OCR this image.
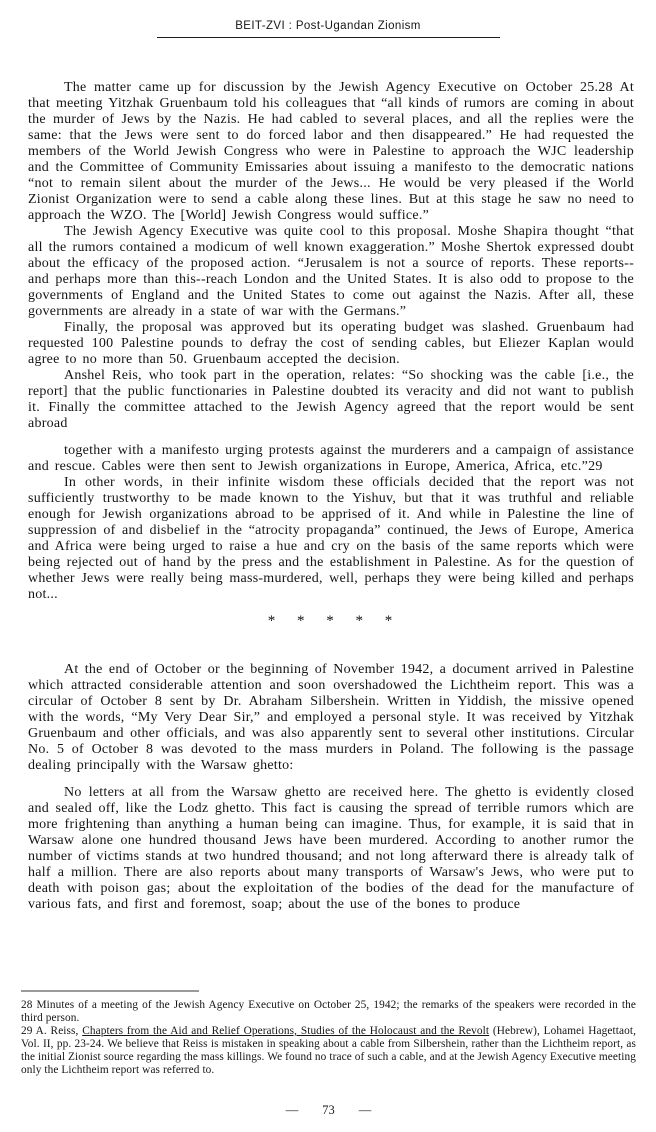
BEIT-ZVI : Post-Ugandan Zionism

The matter came up for discussion by the Jewish Agency Executive on October 25.28 At that meeting Yitzhak Gruenbaum told his colleagues that “all kinds of rumors are coming in about the murder of Jews by the Nazis. He had cabled to several places, and all the replies were the same: that the Jews were sent to do forced labor and then disappeared.” He had requested the members of the World Jewish Congress who were in Palestine to approach the WJC leadership and the Committee of Community Emissaries about issuing a manifesto to the democratic nations “not to remain silent about the murder of the Jews... He would be very pleased if the World Zionist Organization were to send a cable along these lines. But at this stage he saw no need to approach the WZO. The [World] Jewish Congress would suffice.”

The Jewish Agency Executive was quite cool to this proposal. Moshe Shapira thought “that all the rumors contained a modicum of well known exaggeration.” Moshe Shertok expressed doubt about the efficacy of the proposed action. “Jerusalem is not a source of reports. These reports--and perhaps more than this--reach London and the United States. It is also odd to propose to the governments of England and the United States to come out against the Nazis. After all, these governments are already in a state of war with the Germans.”

Finally, the proposal was approved but its operating budget was slashed. Gruenbaum had requested 100 Palestine pounds to defray the cost of sending cables, but Eliezer Kaplan would agree to no more than 50. Gruenbaum accepted the decision.

Anshel Reis, who took part in the operation, relates: “So shocking was the cable [i.e., the report] that the public functionaries in Palestine doubted its veracity and did not want to publish it. Finally the committee attached to the Jewish Agency agreed that the report would be sent abroad

together with a manifesto urging protests against the murderers and a campaign of assistance and rescue. Cables were then sent to Jewish organizations in Europe, America, Africa, etc.”29

In other words, in their infinite wisdom these officials decided that the report was not sufficiently trustworthy to be made known to the Yishuv, but that it was truthful and reliable enough for Jewish organizations abroad to be apprised of it. And while in Palestine the line of suppression of and disbelief in the “atrocity propaganda” continued, the Jews of Europe, America and Africa were being urged to raise a hue and cry on the basis of the same reports which were being rejected out of hand by the press and the establishment in Palestine. As for the question of whether Jews were really being mass-murdered, well, perhaps they were being killed and perhaps not...

* * * * *

At the end of October or the beginning of November 1942, a document arrived in Palestine which attracted considerable attention and soon overshadowed the Lichtheim report. This was a circular of October 8 sent by Dr. Abraham Silbershein. Written in Yiddish, the missive opened with the words, “My Very Dear Sir,” and employed a personal style. It was received by Yitzhak Gruenbaum and other officials, and was also apparently sent to several other institutions. Circular No. 5 of October 8 was devoted to the mass murders in Poland. The following is the passage dealing principally with the Warsaw ghetto:

No letters at all from the Warsaw ghetto are received here. The ghetto is evidently closed and sealed off, like the Lodz ghetto. This fact is causing the spread of terrible rumors which are more frightening than anything a human being can imagine. Thus, for example, it is said that in Warsaw alone one hundred thousand Jews have been murdered. According to another rumor the number of victims stands at two hundred thousand; and not long afterward there is already talk of half a million. There are also reports about many transports of Warsaw's Jews, who were put to death with poison gas; about the exploitation of the bodies of the dead for the manufacture of various fats, and first and foremost, soap; about the use of the bones to produce

28 Minutes of a meeting of the Jewish Agency Executive on October 25, 1942; the remarks of the speakers were recorded in the third person.

29 A. Reiss, Chapters from the Aid and Relief Operations, Studies of the Holocaust and the Revolt (Hebrew), Lohamei Hagettaot, Vol. II, pp. 23-24. We believe that Reiss is mistaken in speaking about a cable from Silbershein, rather than the Lichtheim report, as the initial Zionist source regarding the mass killings. We found no trace of such a cable, and at the Jewish Agency Executive meeting only the Lichtheim report was referred to.

— 73 —
